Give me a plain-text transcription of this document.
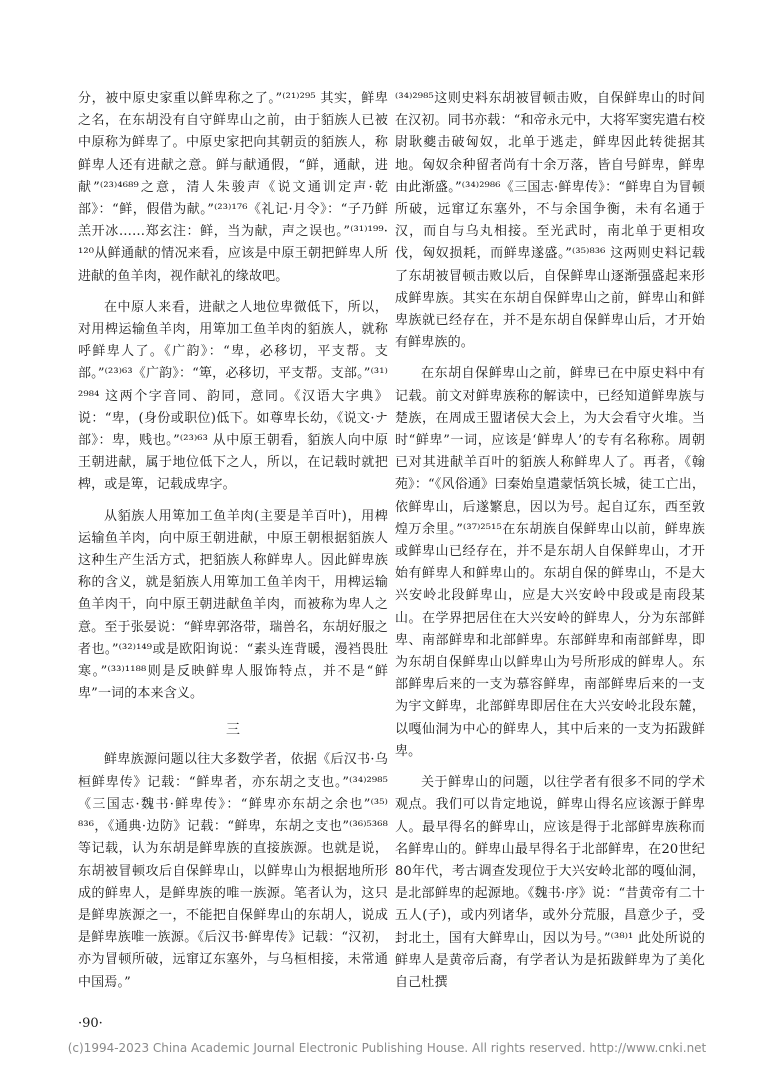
分，被中原史家重以鲜卑称之了。”⁽²¹⁾²⁹⁵ 其实，鲜卑之名，在东胡没有自守鲜卑山之前，由于貊族人已被中原称为鲜卑了。中原史家把向其朝贡的貊族人，称鲜卑人还有进献之意。鲜与献通假，“鲜，通献，进献”⁽²³⁾⁴⁶⁸⁹之意，清人朱骏声《说文通训定声·乾部》：“鲜，假借为献。”⁽²³⁾¹⁷⁶《礼记·月令》：“子乃鲜羔开冰……郑玄注：鲜，当为献，声之误也。”⁽³¹⁾¹⁹⁹· ¹²⁰从鲜通献的情况来看，应该是中原王朝把鲜卑人所进献的鱼羊肉，视作献礼的缘故吧。

在中原人来看，进献之人地位卑微低下，所以，对用椑运输鱼羊肉，用箄加工鱼羊肉的貊族人，就称呼鲜卑人了。《广韵》：“卑，必移切，平支帮。支部。”⁽²³⁾⁶³《广韵》：“箄，必移切，平支帮。支部。”⁽³¹⁾²⁹⁸⁴ 这两个字音同、韵同，意同。《汉语大字典》说：“卑，(身份或职位)低下。如尊卑长幼，《说文·ナ部》：卑，贱也。”⁽²³⁾⁶³ 从中原王朝看，貊族人向中原王朝进献，属于地位低下之人，所以，在记载时就把椑，或是箄，记载成卑字。

从貊族人用箄加工鱼羊肉(主要是羊百叶)，用椑运输鱼羊肉，向中原王朝进献，中原王朝根据貊族人这种生产生活方式，把貊族人称鲜卑人。因此鲜卑族称的含义，就是貊族人用箄加工鱼羊肉干，用椑运输鱼羊肉干，向中原王朝进献鱼羊肉，而被称为卑人之意。至于张晏说：“鲜卑郭洛带，瑞兽名，东胡好服之者也。”⁽³²⁾¹⁴⁹或是欧阳询说：“素头连背暖，漫裆畏肚寒。”⁽³³⁾¹¹⁸⁸则是反映鲜卑人服饰特点，并不是“鲜卑”一词的本来含义。

三

鲜卑族源问题以往大多数学者，依据《后汉书·乌桓鲜卑传》记载：“鲜卑者，亦东胡之支也。”⁽³⁴⁾²⁹⁸⁵《三国志·魏书·鲜卑传》：“鲜卑亦东胡之余也”⁽³⁵⁾⁸³⁶，《通典·边防》记载：“鲜卑，东胡之支也”⁽³⁶⁾⁵³⁶⁸ 等记载，认为东胡是鲜卑族的直接族源。也就是说，东胡被冒顿攻后自保鲜卑山，以鲜卑山为根据地所形成的鲜卑人，是鲜卑族的唯一族源。笔者认为，这只是鲜卑族源之一，不能把自保鲜卑山的东胡人，说成是鲜卑族唯一族源。《后汉书·鲜卑传》记载：“汉初，亦为冒顿所破，远窜辽东塞外，与乌桓相接，未常通中国焉。”

⁽³⁴⁾²⁹⁸⁵这则史料东胡被冒顿击败，自保鲜卑山的时间在汉初。同书亦载：“和帝永元中，大将军窦宪遣右校尉耿夔击破匈奴，北单于逃走，鲜卑因此转徙据其地。匈奴余种留者尚有十余万落，皆自号鲜卑，鲜卑由此渐盛。”⁽³⁴⁾²⁹⁸⁶《三国志·鲜卑传》：“鲜卑自为冒顿所破，远窜辽东塞外，不与余国争衡，未有名通于汉，而自与乌丸相接。至光武时，南北单于更相攻伐，匈奴损耗，而鲜卑遂盛。”⁽³⁵⁾⁸³⁶ 这两则史料记载了东胡被冒顿击败以后，自保鲜卑山逐渐强盛起来形成鲜卑族。其实在东胡自保鲜卑山之前，鲜卑山和鲜卑族就已经存在，并不是东胡自保鲜卑山后，才开始有鲜卑族的。

在东胡自保鲜卑山之前，鲜卑已在中原史料中有记载。前文对鲜卑族称的解读中，已经知道鲜卑族与楚族，在周成王盟诸侯大会上，为大会看守火堆。当时“鲜卑”一词，应该是‘鲜卑人’的专有名称称。周朝已对其进献羊百叶的貊族人称鲜卑人了。再者，《翰苑》：“《风俗通》曰秦始皇遣蒙恬筑长城，徒工亡出，依鲜卑山，后遂繁息，因以为号。起自辽东，西至敦煌万余里。”⁽³⁷⁾²⁵¹⁵在东胡族自保鲜卑山以前，鲜卑族或鲜卑山已经存在，并不是东胡人自保鲜卑山，才开始有鲜卑人和鲜卑山的。东胡自保的鲜卑山，不是大兴安岭北段鲜卑山，应是大兴安岭中段或是南段某山。在学界把居住在大兴安岭的鲜卑人，分为东部鲜卑、南部鲜卑和北部鲜卑。东部鲜卑和南部鲜卑，即为东胡自保鲜卑山以鲜卑山为号所形成的鲜卑人。东部鲜卑后来的一支为慕容鲜卑，南部鲜卑后来的一支为宇文鲜卑，北部鲜卑即居住在大兴安岭北段东麓，以嘎仙洞为中心的鲜卑人，其中后来的一支为拓跋鲜卑。

关于鲜卑山的问题，以往学者有很多不同的学术观点。我们可以肯定地说，鲜卑山得名应该源于鲜卑人。最早得名的鲜卑山，应该是得于北部鲜卑族称而名鲜卑山的。鲜卑山最早得名于北部鲜卑，在20世纪80年代，考古调查发现位于大兴安岭北部的嘎仙洞，是北部鲜卑的起源地。《魏书·序》说：“昔黄帝有二十五人(子)，或内列诸华，或外分荒服，昌意少子，受封北土，国有大鲜卑山，因以为号。”⁽³⁸⁾¹ 此处所说的鲜卑人是黄帝后裔，有学者认为是拓跋鲜卑为了美化自己杜撰

·90·
(c)1994-2023 China Academic Journal Electronic Publishing House. All rights reserved. http://www.cnki.net
